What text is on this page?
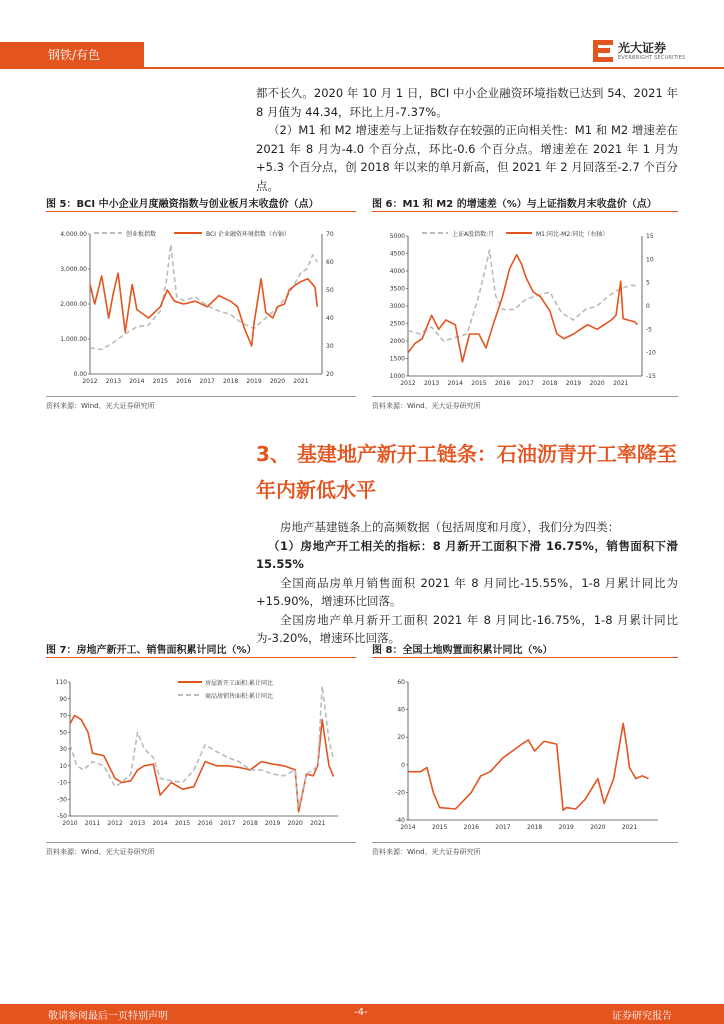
钢铁/有色	光大证券
EVERBRIGHT SECURITIES

都不长久。2020 年 10 月 1 日，BCI 中小企业融资环境指数已达到 54、2021 年 8 月值为 44.34，环比上月-7.37%。

（2）M1 和 M2 增速差与上证指数存在较强的正向相关性：M1 和 M2 增速差在 2021 年 8 月为-4.0 个百分点，环比-0.6 个百分点。增速差在 2021 年 1 月为+5.3 个百分点，创 2018 年以来的单月新高，但 2021 年 2 月回落至-2.7 个百分点。

图 5：BCI 中小企业月度融资指数与创业板月末收盘价（点）
创业板指数	BCI 企业融资环境指数（右轴）
4,000.00
3,000.00
2,000.00
1,000.00
0.00
70
60
50
40
30
20
2012 2013 2014 2015 2016 2017 2018 2019 2020 2021
资料来源：Wind、光大证券研究所
图 6：M1 和 M2 的增速差（%）与上证指数月末收盘价（点）
上证A股指数:月	M1:同比-M2:同比（右轴）
5000
4500
4000
3500
3000
2500
2000
1500
1000
15
10
5
0
-5
-10
-15
2012 2013 2014 2015 2016 2017 2018 2019 2020 2021
资料来源：Wind、光大证券研究所
3、 基建地产新开工链条：石油沥青开工率降至年内新低水平

房地产基建链条上的高频数据（包括周度和月度），我们分为四类：

（1）房地产开工相关的指标：8 月新开工面积下滑 16.75%，销售面积下滑 15.55%

全国商品房单月销售面积 2021 年 8 月同比-15.55%，1-8 月累计同比为+15.90%，增速环比回落。

全国房地产单月新开工面积 2021 年 8 月同比-16.75%，1-8 月累计同比为-3.20%，增速环比回落。

图 7：房地产新开工、销售面积累计同比（%）
房屋新开工面积:累计同比
商品房销售面积:累计同比
110
90
70
50
30
10
-10
-30
-50
2010 2011 2012 2013 2014 2015 2016 2017 2018 2019 2020 2021
资料来源：Wind、光大证券研究所
图 8：全国土地购置面积累计同比（%）
60
40
20
0
-20
-40
2014	2015	2016	2017	2018	2019	2020	2021
资料来源：Wind、光大证券研究所
敬请参阅最后一页特别声明	-4-	证券研究报告
